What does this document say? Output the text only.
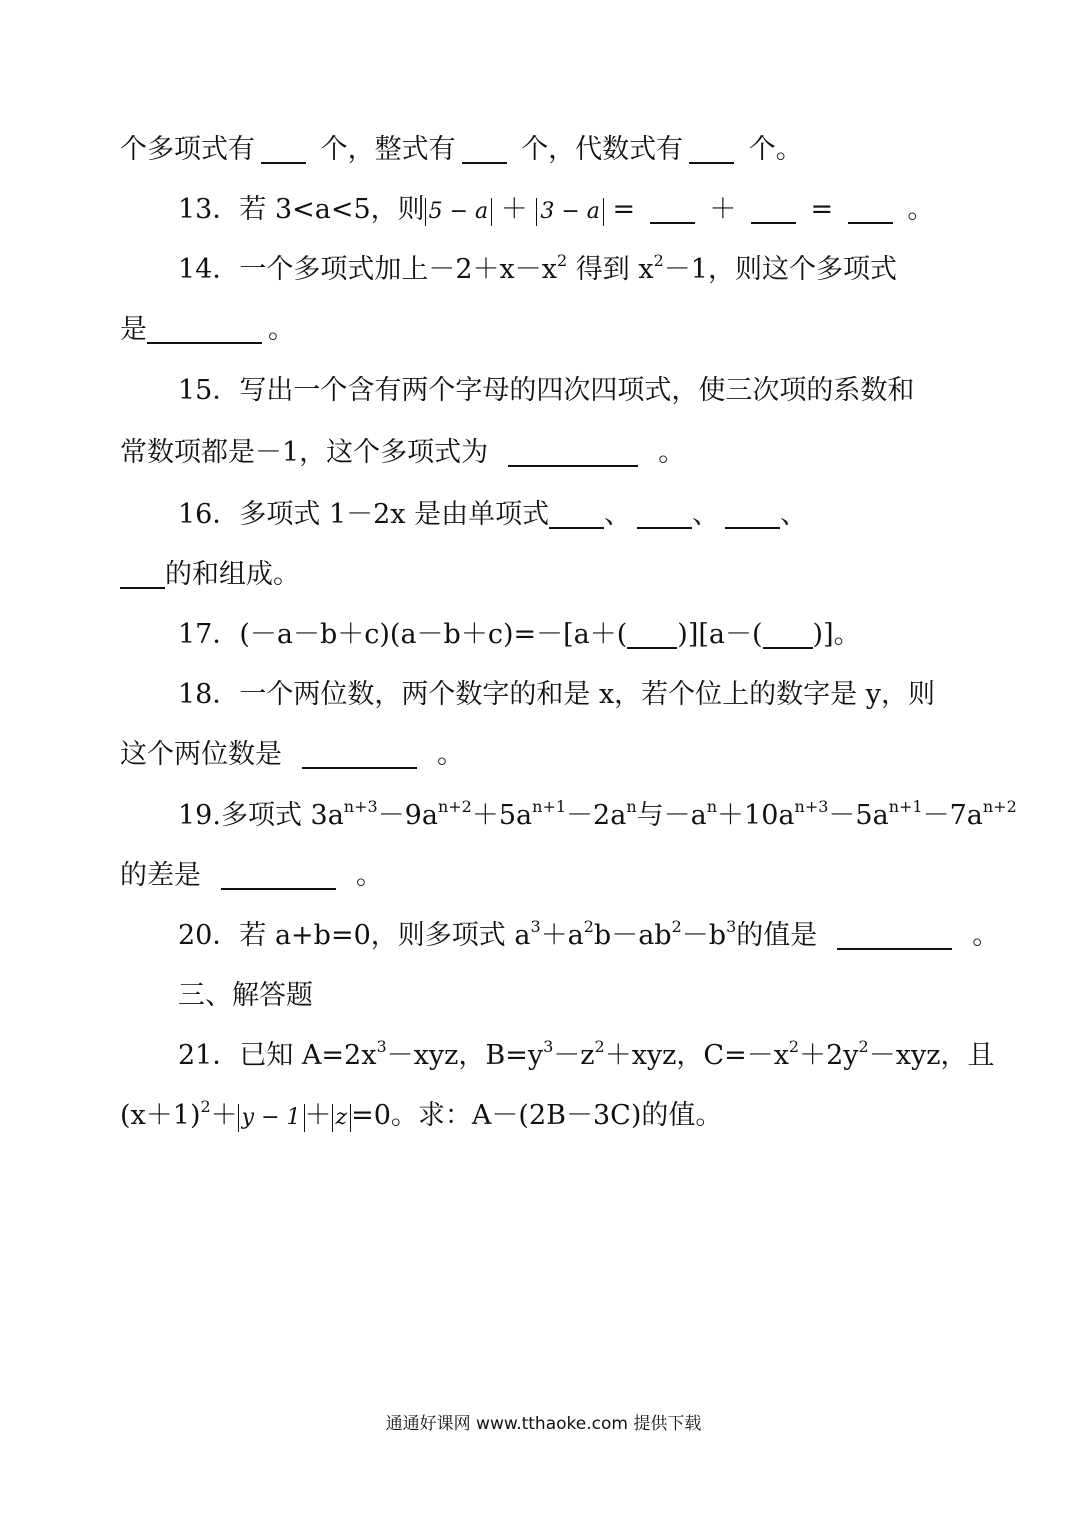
个多项式有 个，整式有 个，代数式有 个。
13．若 3<a<5，则 5 − a ＋ 3 − a =	＋	=	。
14．一个多项式加上$-2+x-x^2$ 得到 $x^2-1$，则这个多项式
是	。
15．写出一个含有两个字母的四次四项式，使三次项的系数和
常数项都是－1，这个多项式为	。
16．多项式 1－2x 是由单项式 、 、 、
的和组成。
17．(－a－b＋c)(a－b＋c)=－[a＋( )][a－( )]。
18．一个两位数，两个数字的和是 x，若个位上的数字是 y，则
这个两位数是	。
19.多项式 $3a^{n+3}-9a^{n+2}+5a^{n+1}-2a^n$与$-a^n+10a^{n+3}-5a^{n+1}-7a^{n+2}$
的差是	。
20．若 a+b=0，则多项式 $a^3+a^2b-ab^2-b^3$的值是	。
三、解答题
21．已知 $A=2x^3-xyz$，$B=y^3-z^2+xyz$，$C=-x^2+2y^2-xyz$，且
$(x+1)^2+ y - 1 + z =0$。求：A－(2B－3C)的值。
通通好课网 www.tthaoke.com 提供下载
